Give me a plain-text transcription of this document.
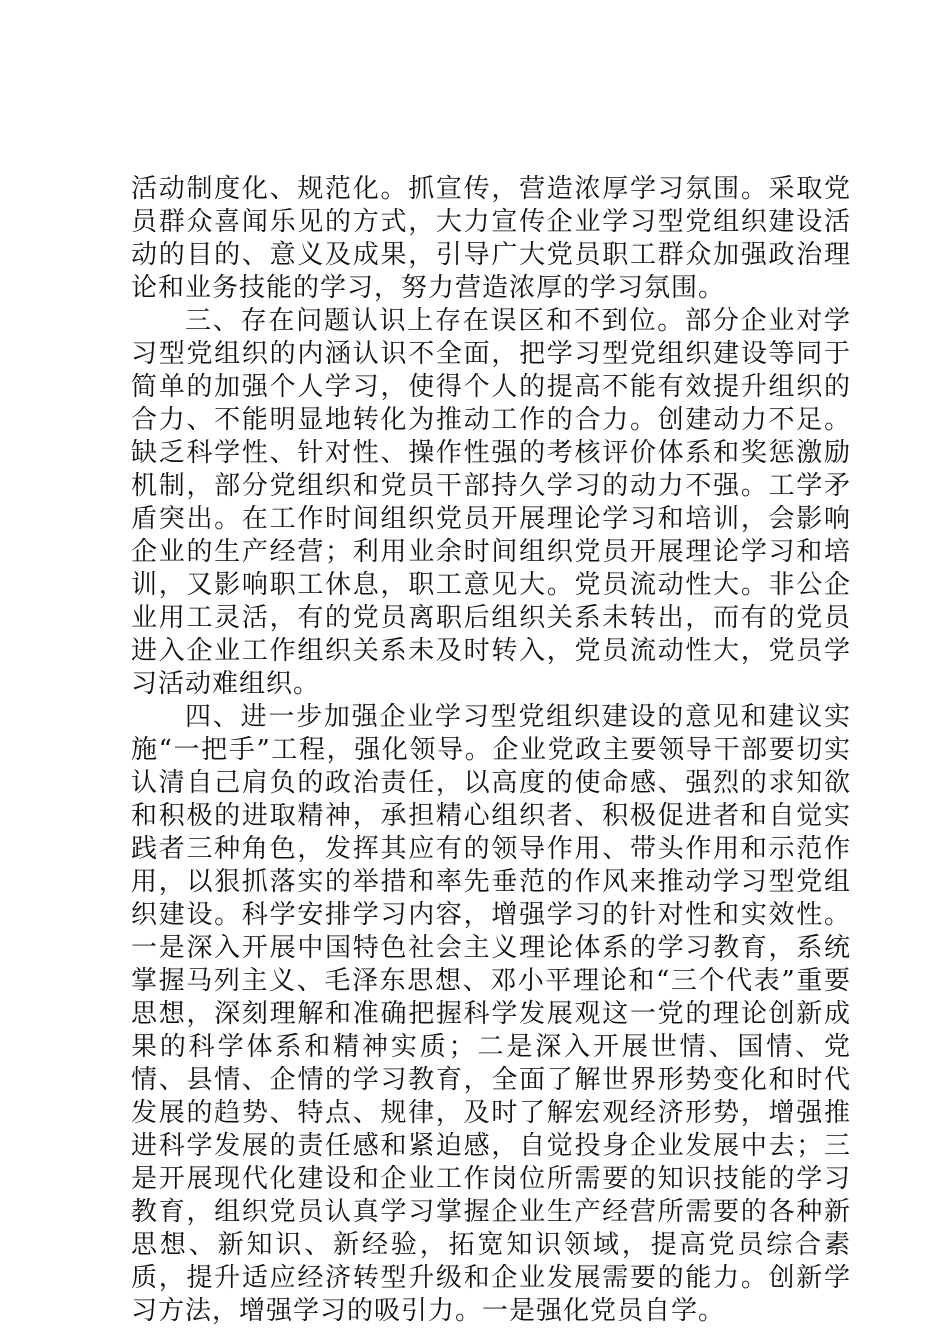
活动制度化、规范化。抓宣传，营造浓厚学习氛围。采取党员群众喜闻乐见的方式，大力宣传企业学习型党组织建设活动的目的、意义及成果，引导广大党员职工群众加强政治理论和业务技能的学习，努力营造浓厚的学习氛围。

三、存在问题认识上存在误区和不到位。部分企业对学习型党组织的内涵认识不全面，把学习型党组织建设等同于简单的加强个人学习，使得个人的提高不能有效提升组织的合力、不能明显地转化为推动工作的合力。创建动力不足。缺乏科学性、针对性、操作性强的考核评价体系和奖惩激励机制，部分党组织和党员干部持久学习的动力不强。工学矛盾突出。在工作时间组织党员开展理论学习和培训，会影响企业的生产经营；利用业余时间组织党员开展理论学习和培训，又影响职工休息，职工意见大。党员流动性大。非公企业用工灵活，有的党员离职后组织关系未转出，而有的党员进入企业工作组织关系未及时转入，党员流动性大，党员学习活动难组织。

四、进一步加强企业学习型党组织建设的意见和建议实施“一把手”工程，强化领导。企业党政主要领导干部要切实认清自己肩负的政治责任，以高度的使命感、强烈的求知欲和积极的进取精神，承担精心组织者、积极促进者和自觉实践者三种角色，发挥其应有的领导作用、带头作用和示范作用，以狠抓落实的举措和率先垂范的作风来推动学习型党组织建设。科学安排学习内容，增强学习的针对性和实效性。一是深入开展中国特色社会主义理论体系的学习教育，系统掌握马列主义、毛泽东思想、邓小平理论和“三个代表”重要思想，深刻理解和准确把握科学发展观这一党的理论创新成果的科学体系和精神实质；二是深入开展世情、国情、党情、县情、企情的学习教育，全面了解世界形势变化和时代发展的趋势、特点、规律，及时了解宏观经济形势，增强推进科学发展的责任感和紧迫感，自觉投身企业发展中去；三是开展现代化建设和企业工作岗位所需要的知识技能的学习教育，组织党员认真学习掌握企业生产经营所需要的各种新思想、新知识、新经验，拓宽知识领域，提高党员综合素质，提升适应经济转型升级和企业发展需要的能力。创新学习方法，增强学习的吸引力。一是强化党员自学。
